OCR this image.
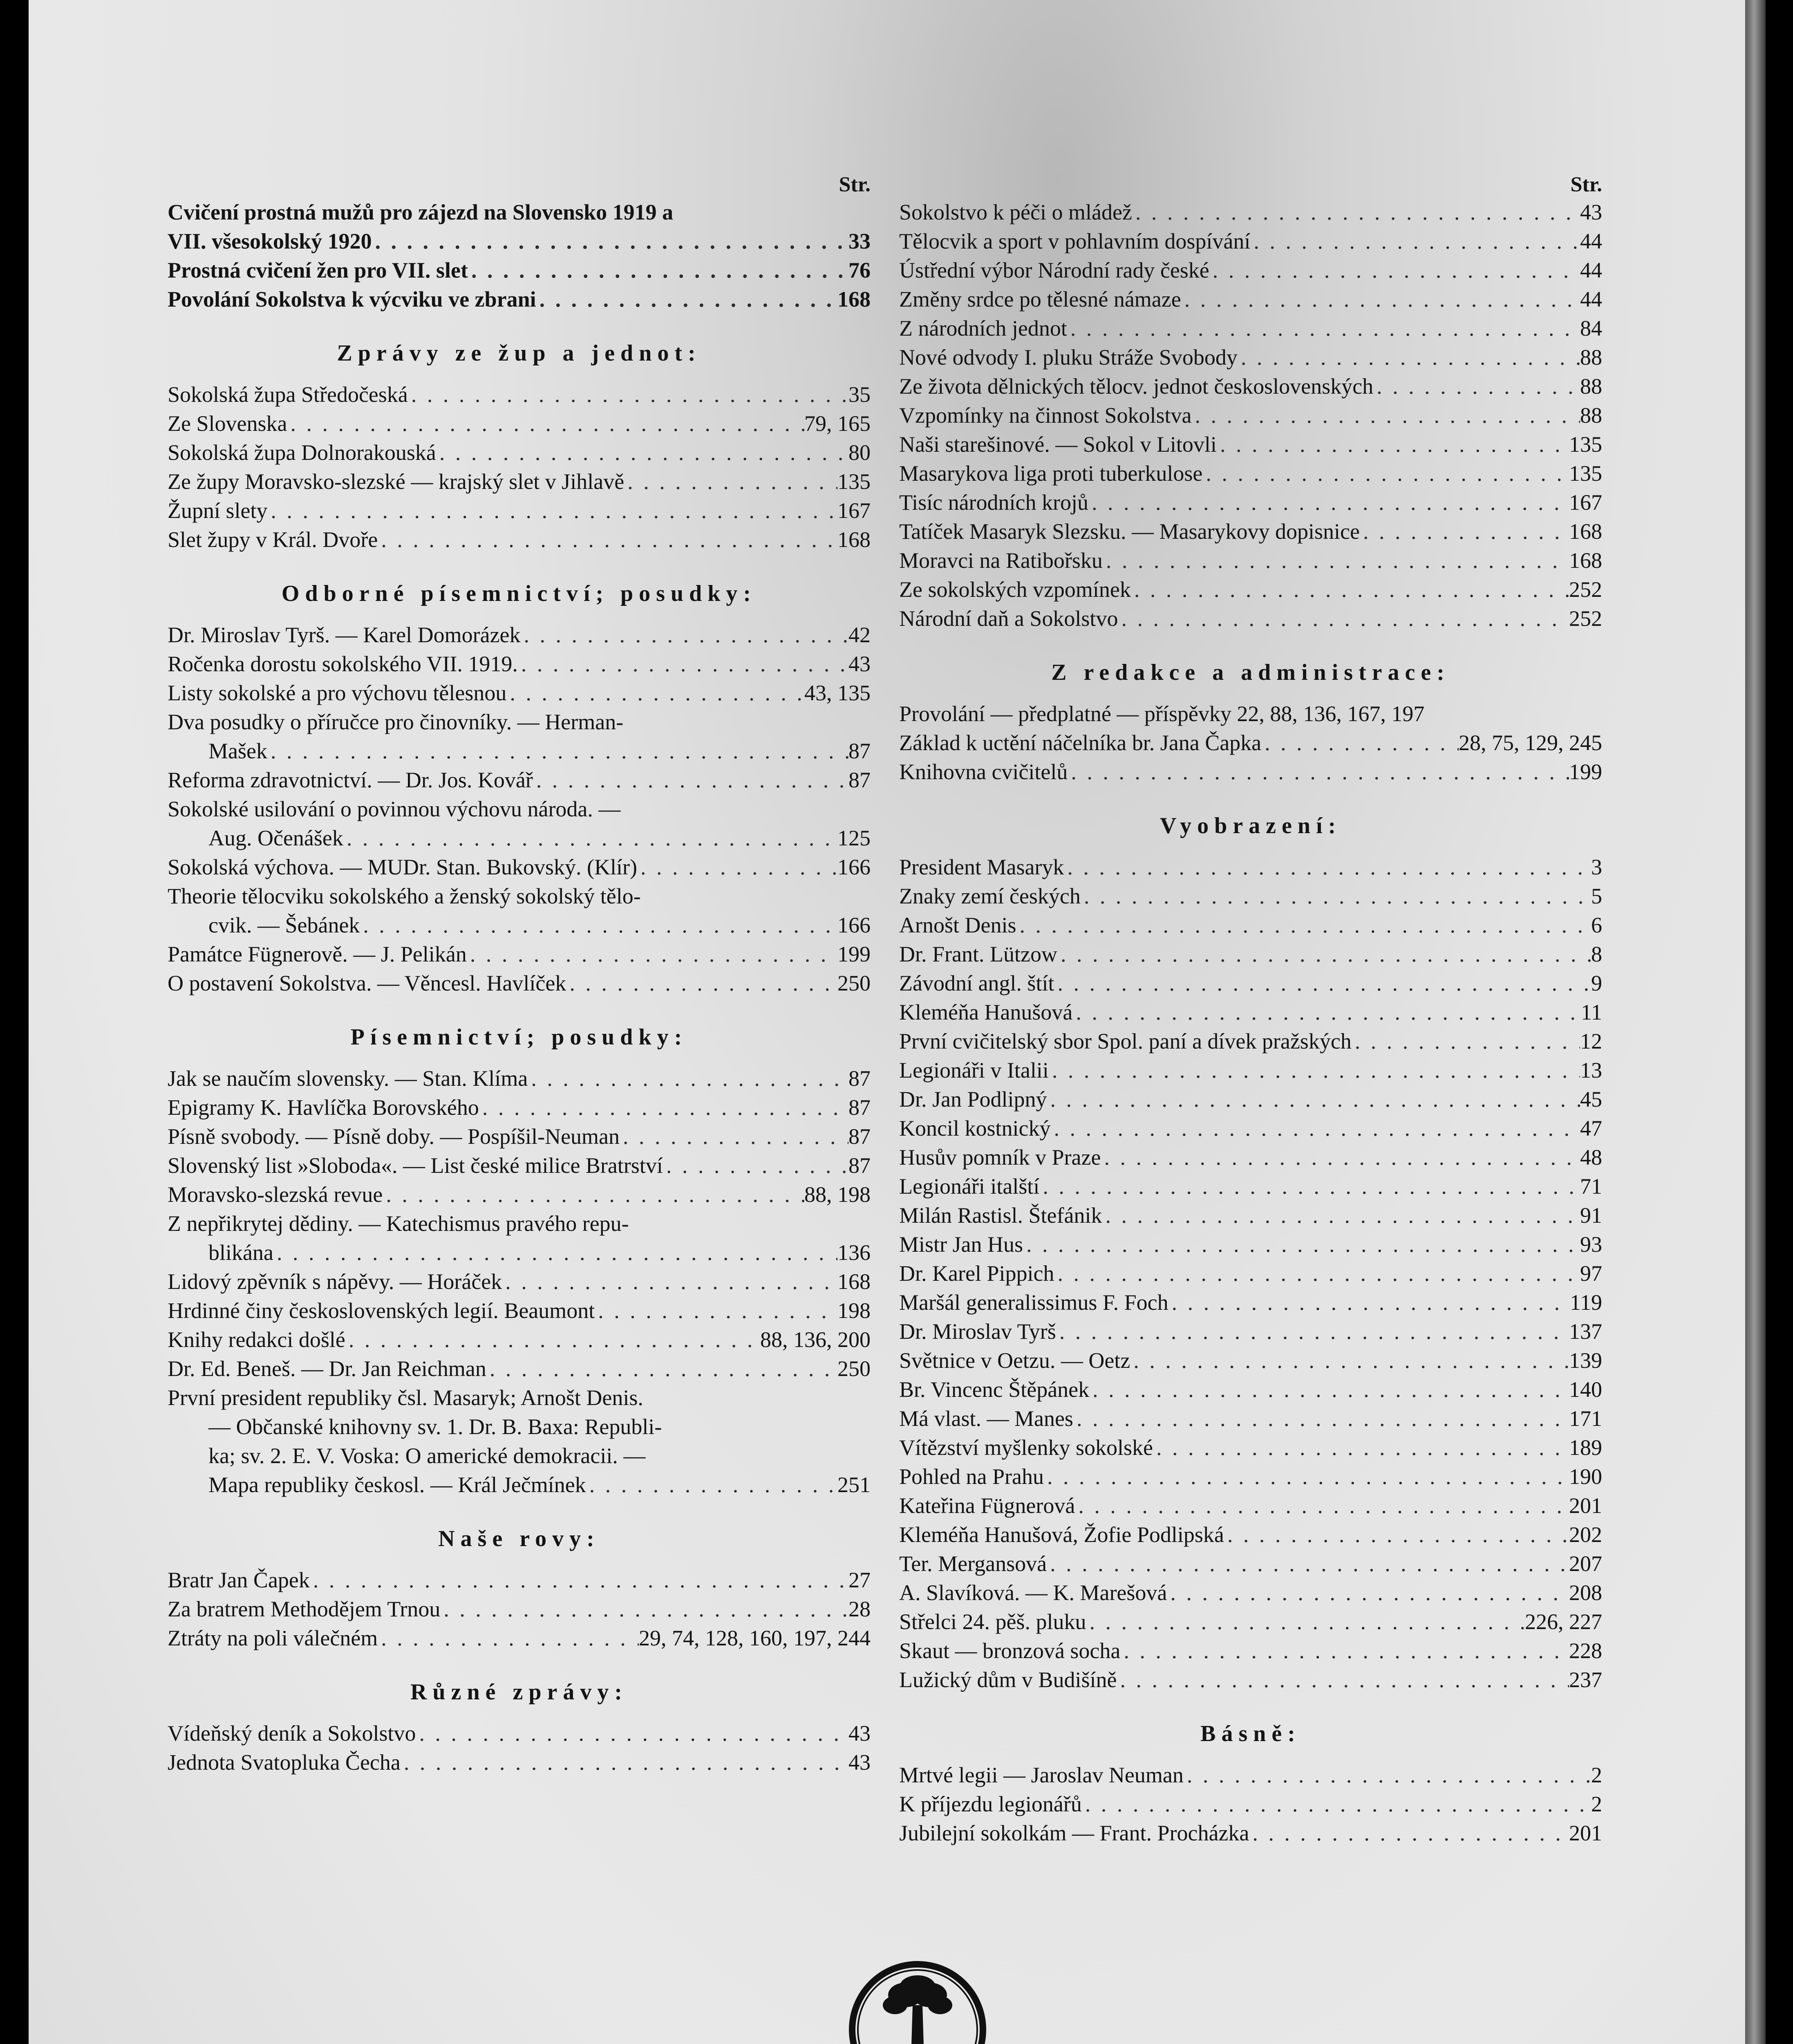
Str.
Cvičení prostná mužů pro zájezd na Slovensko 1919 a
VII. všesokolský 1920 . . .	33
Prostná cvičení žen pro VII. slet . . .	76
Povolání Sokolstva k výcviku ve zbrani . . .	168
Zprávy ze žup a jednot:
Sokolská župa Středočeská . . .	35
Ze Slovenska . . .	79, 165
Sokolská župa Dolnorakouská . . .	80
Ze župy Moravsko-slezské — krajský slet v Jihlavě . . .	135
Župní slety . . .	167
Slet župy v Král. Dvoře . . .	168
Odborné písemnictví; posudky:
Dr. Miroslav Tyrš. — Karel Domorázek . . .	42
Ročenka dorostu sokolského VII. 1919. . . .	43
Listy sokolské a pro výchovu tělesnou . . .	43, 135
Dva posudky o příručce pro činovníky. — Herman-
Mašek . . .	87
Reforma zdravotnictví. — Dr. Jos. Kovář . . .	87
Sokolské usilování o povinnou výchovu národa. —
Aug. Očenášek . . .	125
Sokolská výchova. — MUDr. Stan. Bukovský. (Klír) . . .	166
Theorie tělocviku sokolského a ženský sokolský tělo-
cvik. — Šebánek . . .	166
Památce Fügnerově. — J. Pelikán . . .	199
O postavení Sokolstva. — Věncesl. Havlíček . . .	250
Písemnictví; posudky:
Jak se naučím slovensky. — Stan. Klíma . . .	87
Epigramy K. Havlíčka Borovského . . .	87
Písně svobody. — Písně doby. — Pospíšil-Neuman . . .	87
Slovenský list »Sloboda«. — List české milice Bratrství . . .	87
Moravsko-slezská revue . . .	88, 198
Z nepřikrytej dědiny. — Katechismus pravého repu-
blikána . . .	136
Lidový zpěvník s nápěvy. — Horáček . . .	168
Hrdinné činy československých legií. Beaumont . . .	198
Knihy redakci došlé . . .	88, 136, 200
Dr. Ed. Beneš. — Dr. Jan Reichman . . .	250
První president republiky čsl. Masaryk; Arnošt Denis.
— Občanské knihovny sv. 1. Dr. B. Baxa: Republi-
ka; sv. 2. E. V. Voska: O americké demokracii. —
Mapa republiky českosl. — Král Ječmínek . . .	251
Naše rovy:
Bratr Jan Čapek . . .	27
Za bratrem Methodějem Trnou . . .	28
Ztráty na poli válečném . . .	29, 74, 128, 160, 197, 244
Různé zprávy:
Vídeňský deník a Sokolstvo . . .	43
Jednota Svatopluka Čecha . . .	43
Str.
Sokolstvo k péči o mládež . . .	43
Tělocvik a sport v pohlavním dospívání . . .	44
Ústřední výbor Národní rady české . . .	44
Změny srdce po tělesné námaze . . .	44
Z národních jednot . . .	84
Nové odvody I. pluku Stráže Svobody . . .	88
Ze života dělnických tělocv. jednot československých . . .	88
Vzpomínky na činnost Sokolstva . . .	88
Naši starešinové. — Sokol v Litovli . . .	135
Masarykova liga proti tuberkulose . . .	135
Tisíc národních krojů . . .	167
Tatíček Masaryk Slezsku. — Masarykovy dopisnice . . .	168
Moravci na Ratibořsku . . .	168
Ze sokolských vzpomínek . . .	252
Národní daň a Sokolstvo . . .	252
Z redakce a administrace:
Provolání — předplatné — příspěvky 22, 88, 136, 167, 197
Základ k uctění náčelníka br. Jana Čapka . . .	28, 75, 129, 245
Knihovna cvičitelů . . .	199
Vyobrazení:
President Masaryk . . .	3
Znaky zemí českých . . .	5
Arnošt Denis . . .	6
Dr. Frant. Lützow . . .	8
Závodní angl. štít . . .	9
Kleméňa Hanušová . . .	11
První cvičitelský sbor Spol. paní a dívek pražských . . .	12
Legionáři v Italii . . .	13
Dr. Jan Podlipný . . .	45
Koncil kostnický . . .	47
Husův pomník v Praze . . .	48
Legionáři italští . . .	71
Milán Rastisl. Štefánik . . .	91
Mistr Jan Hus . . .	93
Dr. Karel Pippich . . .	97
Maršál generalissimus F. Foch . . .	119
Dr. Miroslav Tyrš . . .	137
Světnice v Oetzu. — Oetz . . .	139
Br. Vincenc Štěpánek . . .	140
Má vlast. — Manes . . .	171
Vítězství myšlenky sokolské . . .	189
Pohled na Prahu . . .	190
Kateřina Fügnerová . . .	201
Kleméňa Hanušová, Žofie Podlipská . . .	202
Ter. Mergansová . . .	207
A. Slavíková. — K. Marešová . . .	208
Střelci 24. pěš. pluku . . .	226, 227
Skaut — bronzová socha . . .	228
Lužický dům v Budišíně . . .	237
Básně:
Mrtvé legii — Jaroslav Neuman . . .	2
K příjezdu legionářů . . .	2
Jubilejní sokolkám — Frant. Procházka . . .	201
